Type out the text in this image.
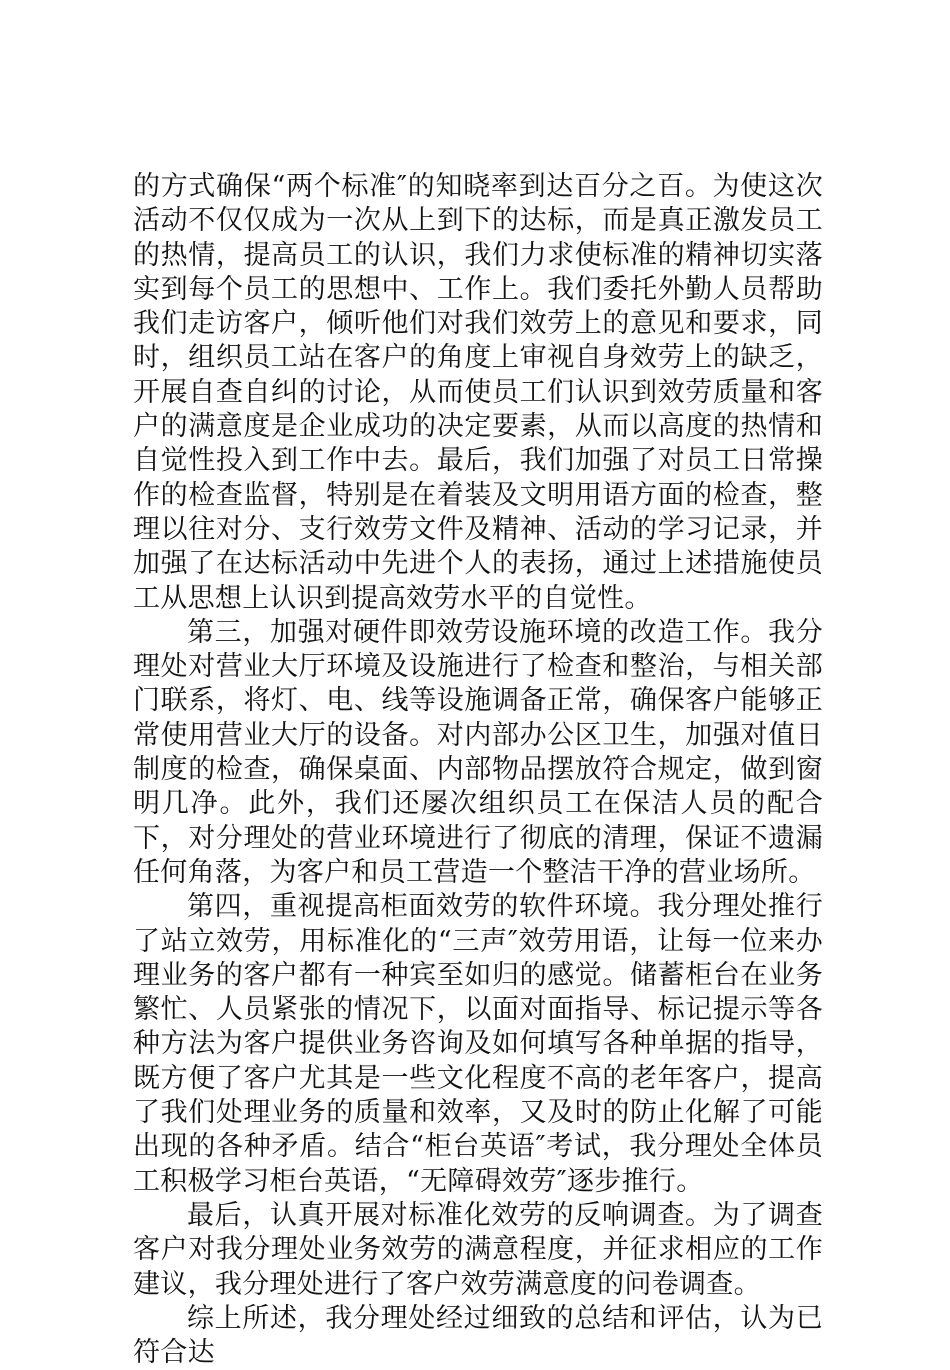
的方式确保“两个标准″的知晓率到达百分之百。为使这次活动不仅仅成为一次从上到下的达标，而是真正激发员工的热情，提高员工的认识，我们力求使标准的精神切实落实到每个员工的思想中、工作上。我们委托外勤人员帮助我们走访客户，倾听他们对我们效劳上的意见和要求，同时，组织员工站在客户的角度上审视自身效劳上的缺乏，开展自查自纠的讨论，从而使员工们认识到效劳质量和客户的满意度是企业成功的决定要素，从而以高度的热情和自觉性投入到工作中去。最后，我们加强了对员工日常操作的检查监督，特别是在着装及文明用语方面的检查，整理以往对分、支行效劳文件及精神、活动的学习记录，并加强了在达标活动中先进个人的表扬，通过上述措施使员工从思想上认识到提高效劳水平的自觉性。

第三，加强对硬件即效劳设施环境的改造工作。我分理处对营业大厅环境及设施进行了检查和整治，与相关部门联系，将灯、电、线等设施调备正常，确保客户能够正常使用营业大厅的设备。对内部办公区卫生，加强对值日制度的检查，确保桌面、内部物品摆放符合规定，做到窗明几净。此外，我们还屡次组织员工在保洁人员的配合下，对分理处的营业环境进行了彻底的清理，保证不遗漏任何角落，为客户和员工营造一个整洁干净的营业场所。

第四，重视提高柜面效劳的软件环境。我分理处推行了站立效劳，用标准化的“三声″效劳用语，让每一位来办理业务的客户都有一种宾至如归的感觉。储蓄柜台在业务繁忙、人员紧张的情况下，以面对面指导、标记提示等各种方法为客户提供业务咨询及如何填写各种单据的指导，既方便了客户尤其是一些文化程度不高的老年客户，提高了我们处理业务的质量和效率，又及时的防止化解了可能出现的各种矛盾。结合“柜台英语″考试，我分理处全体员工积极学习柜台英语，“无障碍效劳″逐步推行。

最后，认真开展对标准化效劳的反响调查。为了调查客户对我分理处业务效劳的满意程度，并征求相应的工作建议，我分理处进行了客户效劳满意度的问卷调查。

综上所述，我分理处经过细致的总结和评估，认为已符合达
